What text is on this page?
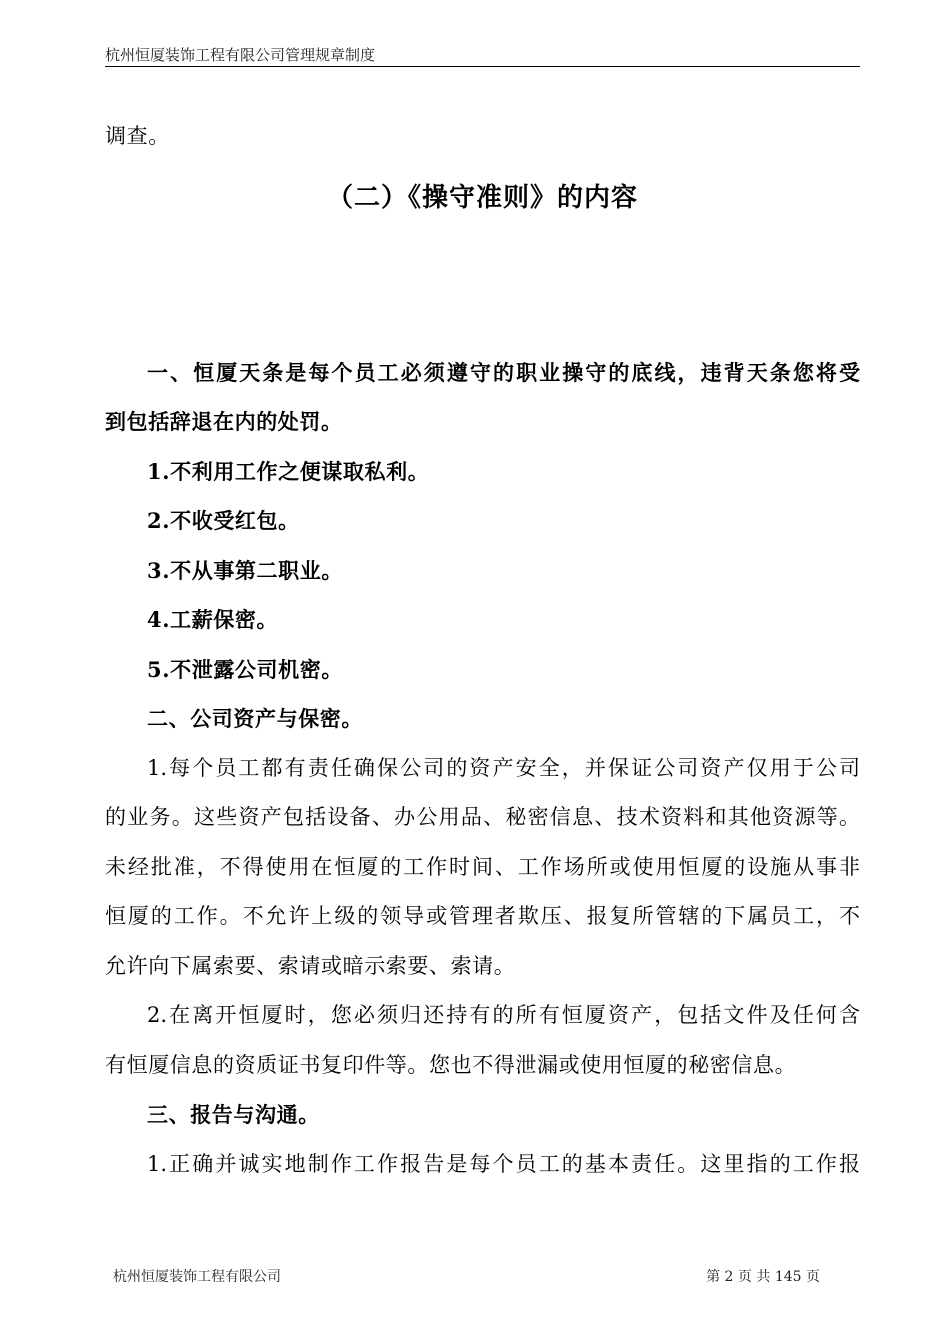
杭州恒厦装饰工程有限公司管理规章制度
调查。
（二）《操守准则》的内容
一、恒厦天条是每个员工必须遵守的职业操守的底线，违背天条您将受
到包括辞退在内的处罚。
1.不利用工作之便谋取私利。
2.不收受红包。
3.不从事第二职业。
4.工薪保密。
5.不泄露公司机密。
二、公司资产与保密。
1.每个员工都有责任确保公司的资产安全，并保证公司资产仅用于公司
的业务。这些资产包括设备、办公用品、秘密信息、技术资料和其他资源等。
未经批准，不得使用在恒厦的工作时间、工作场所或使用恒厦的设施从事非
恒厦的工作。不允许上级的领导或管理者欺压、报复所管辖的下属员工，不
允许向下属索要、索请或暗示索要、索请。
2.在离开恒厦时，您必须归还持有的所有恒厦资产，包括文件及任何含
有恒厦信息的资质证书复印件等。您也不得泄漏或使用恒厦的秘密信息。
三、报告与沟通。
1.正确并诚实地制作工作报告是每个员工的基本责任。这里指的工作报
杭州恒厦装饰工程有限公司	第 2 页 共 145 页
